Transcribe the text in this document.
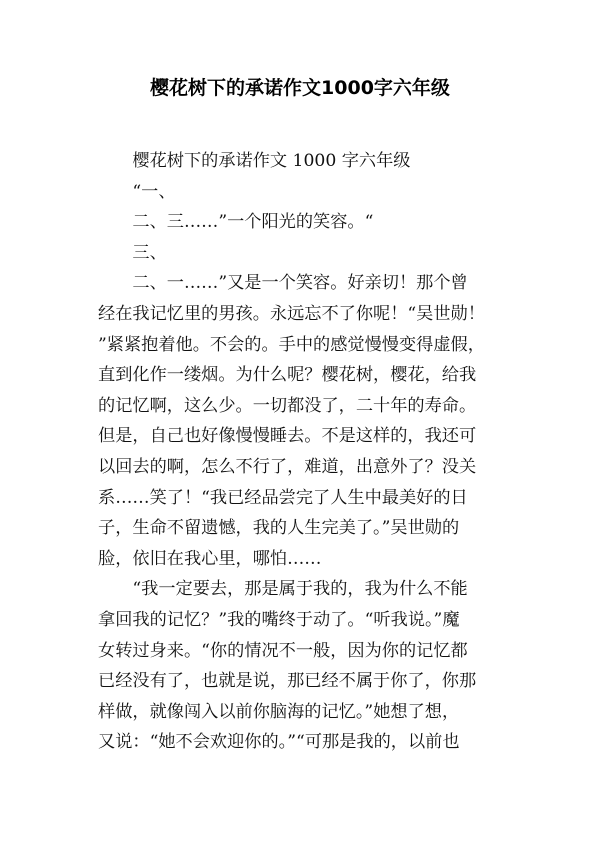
樱花树下的承诺作文1000字六年级
　　樱花树下的承诺作文 1000 字六年级
　　“一、
　　二、三……”一个阳光的笑容。“
　　三、
　　二、一……”又是一个笑容。好亲切！那个曾
经在我记忆里的男孩。永远忘不了你呢！“吴世勋！
”紧紧抱着他。不会的。手中的感觉慢慢变得虚假，
直到化作一缕烟。为什么呢？樱花树，樱花，给我
的记忆啊，这么少。一切都没了，二十年的寿命。
但是，自己也好像慢慢睡去。不是这样的，我还可
以回去的啊，怎么不行了，难道，出意外了？没关
系……笑了！“我已经品尝完了人生中最美好的日
子，生命不留遗憾，我的人生完美了。”吴世勋的
脸，依旧在我心里，哪怕……
　　“我一定要去，那是属于我的，我为什么不能
拿回我的记忆？”我的嘴终于动了。“听我说。”魔
女转过身来。“你的情况不一般，因为你的记忆都
已经没有了，也就是说，那已经不属于你了，你那
样做，就像闯入以前你脑海的记忆。”她想了想，
又说：“她不会欢迎你的。”“可那是我的，以前也
